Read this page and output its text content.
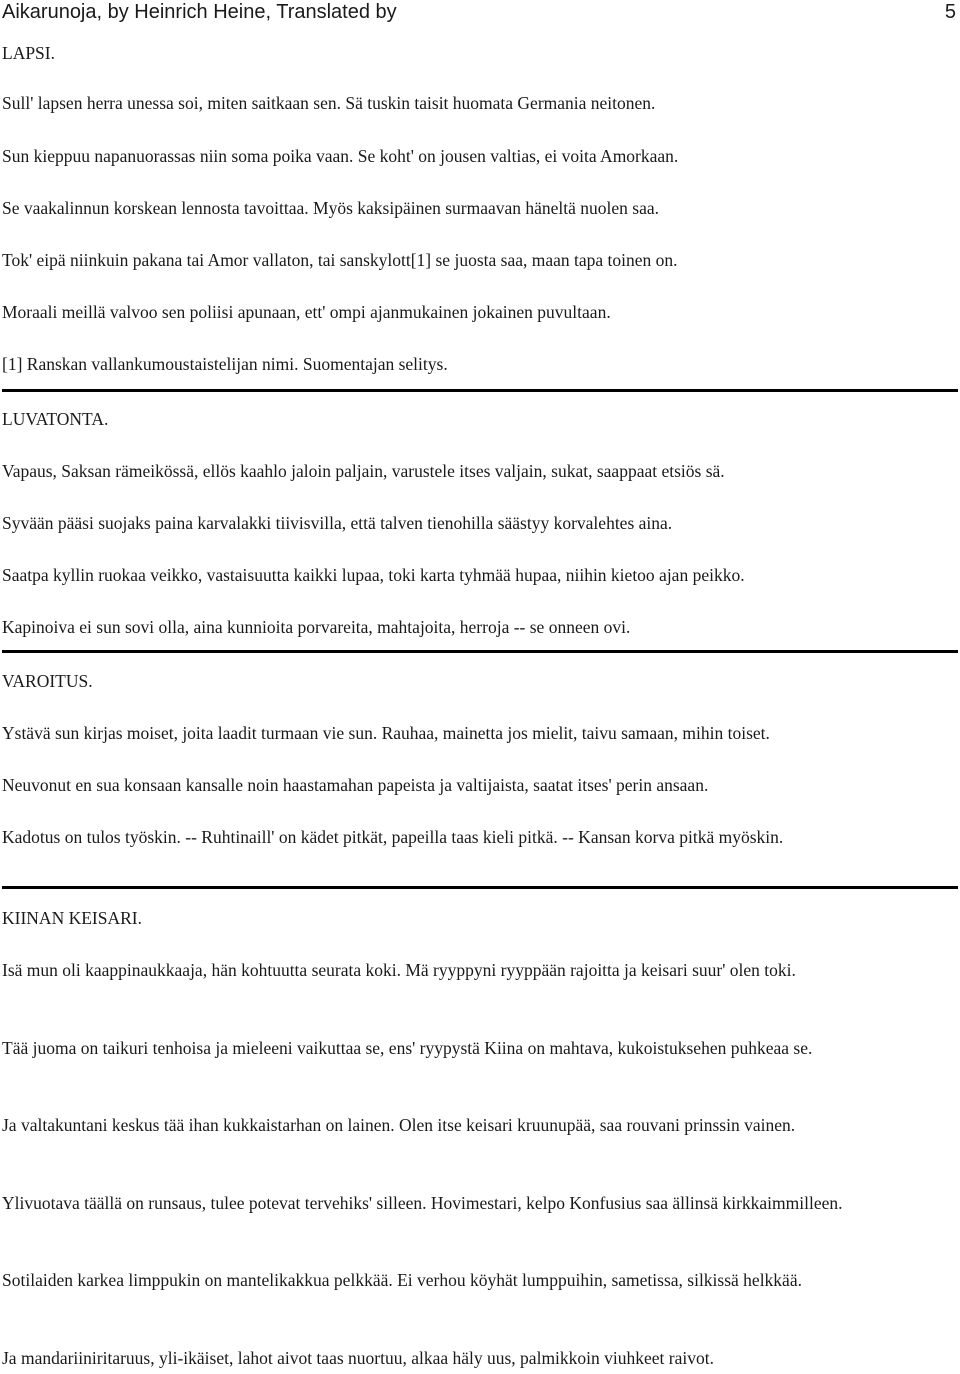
Aikarunoja, by Heinrich Heine, Translated by	5

LAPSI.

Sull' lapsen herra unessa soi, miten saitkaan sen. Sä tuskin taisit huomata Germania neitonen.

Sun kieppuu napanuorassas niin soma poika vaan. Se koht' on jousen valtias, ei voita Amorkaan.

Se vaakalinnun korskean lennosta tavoittaa. Myös kaksipäinen surmaavan häneltä nuolen saa.

Tok' eipä niinkuin pakana tai Amor vallaton, tai sanskylott[1] se juosta saa, maan tapa toinen on.

Moraali meillä valvoo sen poliisi apunaan, ett' ompi ajanmukainen jokainen puvultaan.

[1] Ranskan vallankumoustaistelijan nimi. Suomentajan selitys.

LUVATONTA.

Vapaus, Saksan rämeikössä, ellös kaahlo jaloin paljain, varustele itses valjain, sukat, saappaat etsiös sä.

Syvään pääsi suojaks paina karvalakki tiivisvilla, että talven tienohilla säästyy korvalehtes aina.

Saatpa kyllin ruokaa veikko, vastaisuutta kaikki lupaa, toki karta tyhmää hupaa, niihin kietoo ajan peikko.

Kapinoiva ei sun sovi olla, aina kunnioita porvareita, mahtajoita, herroja -- se onneen ovi.

VAROITUS.

Ystävä sun kirjas moiset, joita laadit turmaan vie sun. Rauhaa, mainetta jos mielit, taivu samaan, mihin toiset.

Neuvonut en sua konsaan kansalle noin haastamahan papeista ja valtijaista, saatat itses' perin ansaan.

Kadotus on tulos työskin. -- Ruhtinaill' on kädet pitkät, papeilla taas kieli pitkä. -- Kansan korva pitkä myöskin.

KIINAN KEISARI.

Isä mun oli kaappinaukkaaja, hän kohtuutta seurata koki. Mä ryyppyni ryyppään rajoitta ja keisari suur' olen toki.

Tää juoma on taikuri tenhoisa ja mieleeni vaikuttaa se, ens' ryypystä Kiina on mahtava, kukoistuksehen puhkeaa se.

Ja valtakuntani keskus tää ihan kukkaistarhan on lainen. Olen itse keisari kruunupää, saa rouvani prinssin vainen.

Ylivuotava täällä on runsaus, tulee potevat tervehiks' silleen. Hovimestari, kelpo Konfusius saa ällinsä kirkkaimmilleen.

Sotilaiden karkea limppukin on mantelikakkua pelkkää. Ei verhou köyhät lumppuihin, sametissa, silkissä helkkää.

Ja mandariiniritaruus, yli-ikäiset, lahot aivot taas nuortuu, alkaa häly uus, palmikkoin viuhkeet raivot.
